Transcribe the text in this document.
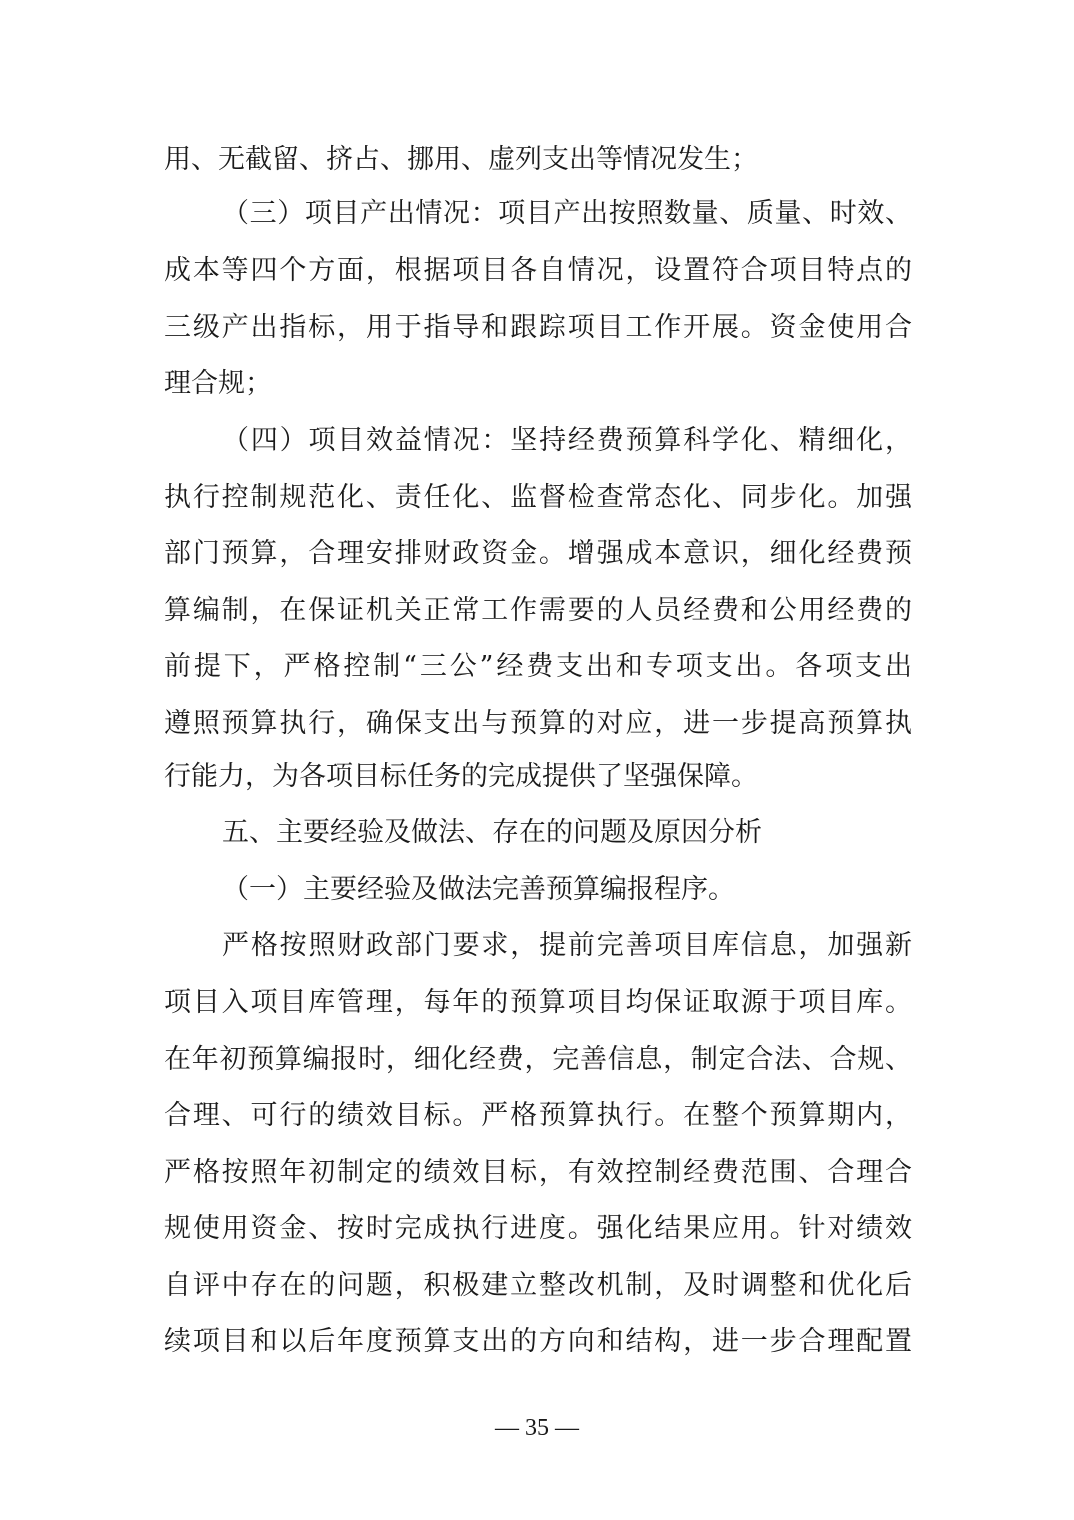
用、无截留、挤占、挪用、虚列支出等情况发生；
（三）项目产出情况：项目产出按照数量、质量、时效、
成本等四个方面，根据项目各自情况，设置符合项目特点的
三级产出指标，用于指导和跟踪项目工作开展。资金使用合
理合规；
（四）项目效益情况：坚持经费预算科学化、精细化，
执行控制规范化、责任化、监督检查常态化、同步化。加强
部门预算，合理安排财政资金。增强成本意识，细化经费预
算编制，在保证机关正常工作需要的人员经费和公用经费的
前提下，严格控制“三公”经费支出和专项支出。各项支出
遵照预算执行，确保支出与预算的对应，进一步提高预算执
行能力，为各项目标任务的完成提供了坚强保障。
五、主要经验及做法、存在的问题及原因分析
（一）主要经验及做法完善预算编报程序。
严格按照财政部门要求，提前完善项目库信息，加强新
项目入项目库管理，每年的预算项目均保证取源于项目库。
在年初预算编报时，细化经费，完善信息，制定合法、合规、
合理、可行的绩效目标。严格预算执行。在整个预算期内，
严格按照年初制定的绩效目标，有效控制经费范围、合理合
规使用资金、按时完成执行进度。强化结果应用。针对绩效
自评中存在的问题，积极建立整改机制，及时调整和优化后
续项目和以后年度预算支出的方向和结构，进一步合理配置
— 35 —
